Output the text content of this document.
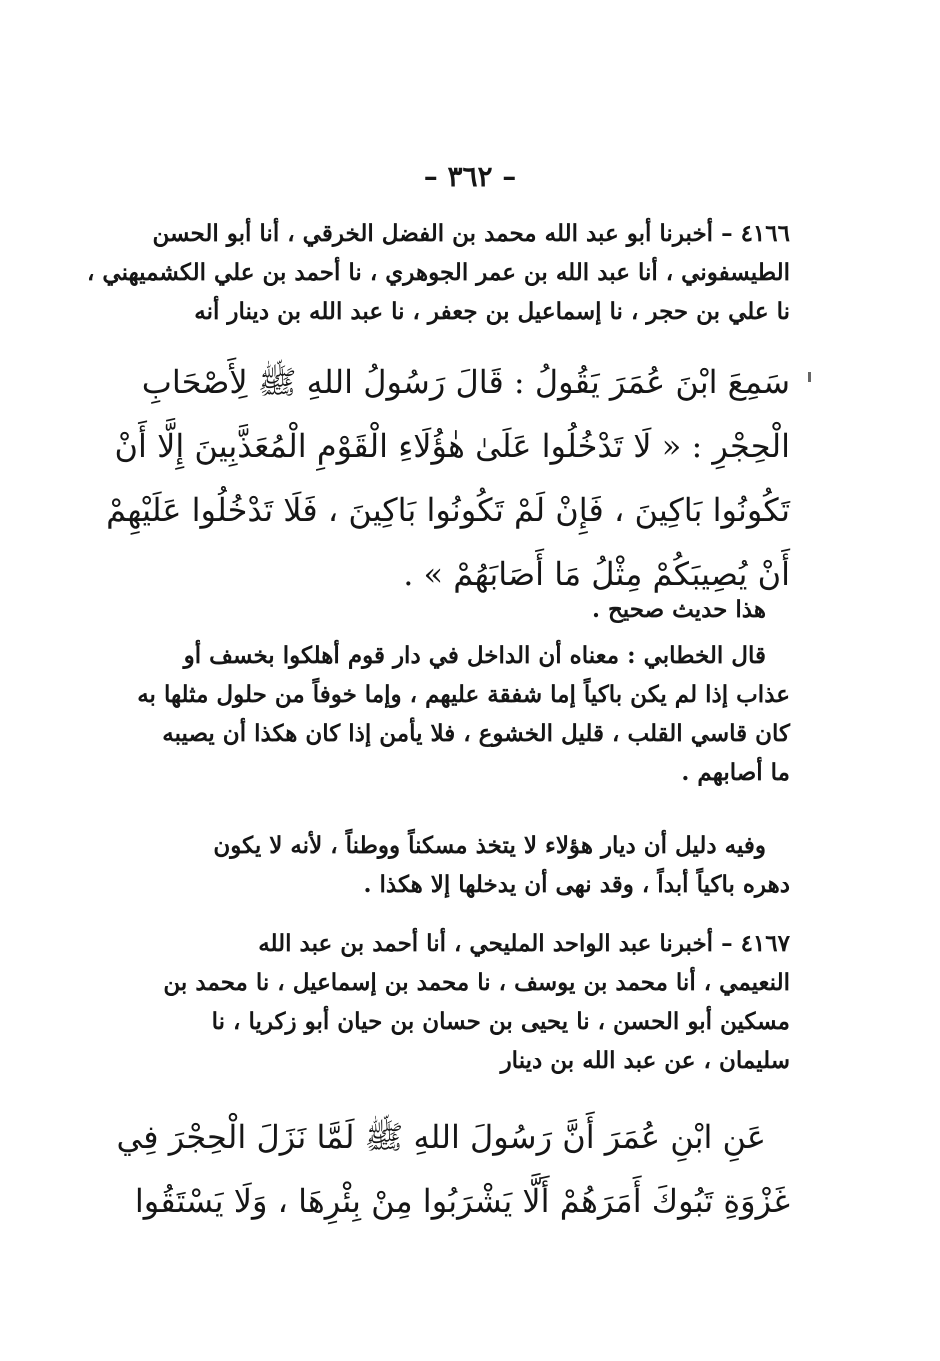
– ٣٦٢ –
٤١٦٦ – أخبرنا أبو عبد الله محمد بن الفضل الخرقي ، أنا أبو الحسن
الطيسفوني ، أنا عبد الله بن عمر الجوهري ، نا أحمد بن علي الكشميهني ،
نا علي بن حجر ، نا إسماعيل بن جعفر ، نا عبد الله بن دينار أنه
سَمِعَ ابْنَ عُمَرَ يَقُولُ : قَالَ رَسُولُ اللهِ ﷺ لِأَصْحَابِ
الْحِجْرِ : « لَا تَدْخُلُوا عَلَىٰ هٰؤُلَاءِ الْقَوْمِ الْمُعَذَّبِينَ إِلَّا أَنْ
تَكُونُوا بَاكِينَ ، فَإِنْ لَمْ تَكُونُوا بَاكِينَ ، فَلَا تَدْخُلُوا عَلَيْهِمْ
أَنْ يُصِيبَكُمْ مِثْلُ مَا أَصَابَهُمْ » .
هذا حديث صحيح .
قال الخطابي : معناه أن الداخل في دار قوم أهلكوا بخسف أو
عذاب إذا لم يكن باكياً إما شفقة عليهم ، وإما خوفاً من حلول مثلها به
كان قاسي القلب ، قليل الخشوع ، فلا يأمن إذا كان هكذا أن يصيبه
ما أصابهم .
وفيه دليل أن ديار هؤلاء لا يتخذ مسكناً ووطناً ، لأنه لا يكون
دهره باكياً أبداً ، وقد نهى أن يدخلها إلا هكذا .
٤١٦٧ – أخبرنا عبد الواحد المليحي ، أنا أحمد بن عبد الله
النعيمي ، أنا محمد بن يوسف ، نا محمد بن إسماعيل ، نا محمد بن
مسكين أبو الحسن ، نا يحيى بن حسان بن حيان أبو زكريا ، نا
سليمان ، عن عبد الله بن دينار
عَنِ ابْنِ عُمَرَ أَنَّ رَسُولَ اللهِ ﷺ لَمَّا نَزَلَ الْحِجْرَ فِي
غَزْوَةِ تَبُوكَ أَمَرَهُمْ أَلَّا يَشْرَبُوا مِنْ بِئْرِهَا ، وَلَا يَسْتَقُوا
